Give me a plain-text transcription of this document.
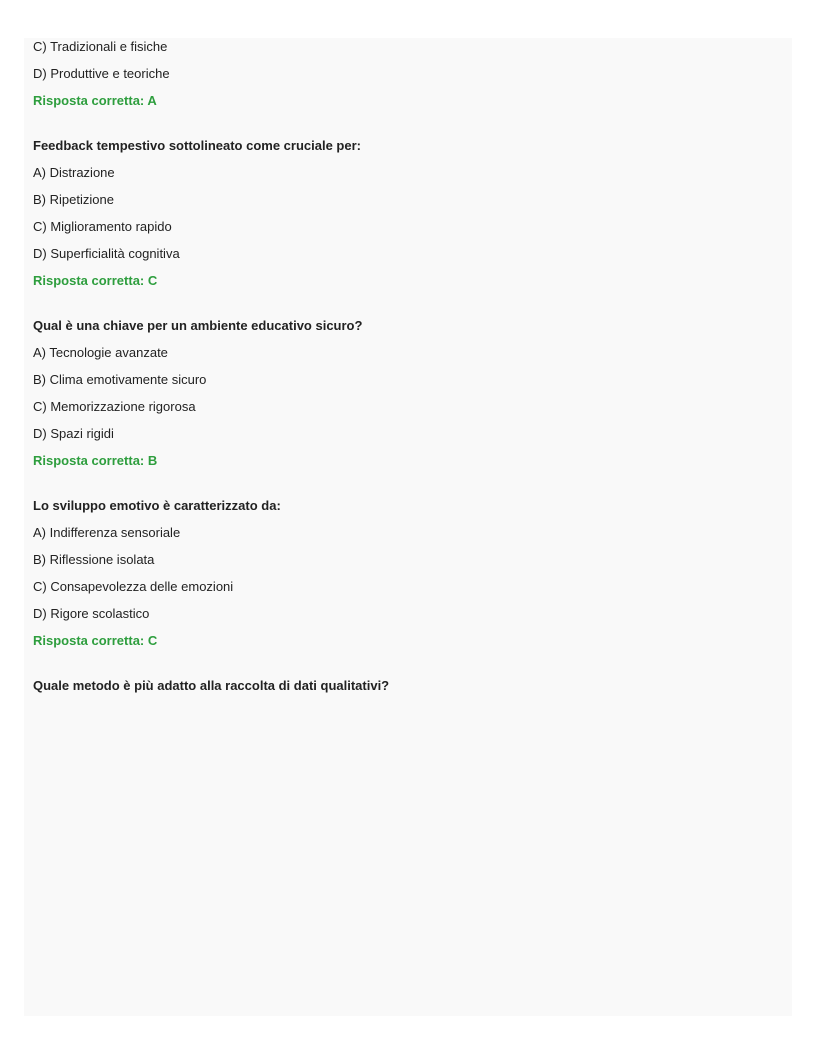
C) Tradizionali e fisiche

D) Produttive e teoriche

Risposta corretta: A

Feedback tempestivo sottolineato come cruciale per:

A) Distrazione

B) Ripetizione

C) Miglioramento rapido

D) Superficialità cognitiva

Risposta corretta: C

Qual è una chiave per un ambiente educativo sicuro?

A) Tecnologie avanzate

B) Clima emotivamente sicuro

C) Memorizzazione rigorosa

D) Spazi rigidi

Risposta corretta: B

Lo sviluppo emotivo è caratterizzato da:

A) Indifferenza sensoriale

B) Riflessione isolata

C) Consapevolezza delle emozioni

D) Rigore scolastico

Risposta corretta: C

Quale metodo è più adatto alla raccolta di dati qualitativi?
